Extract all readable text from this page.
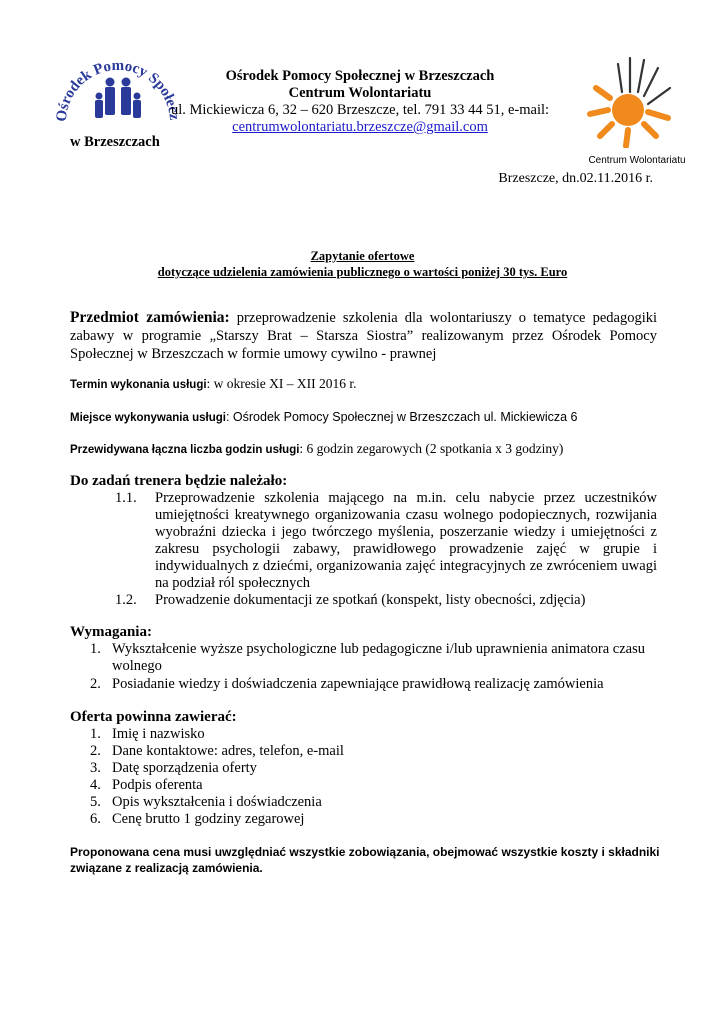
Ośrodek Pomocy Społe
w Brzeszczach
Ośrodek Pomocy Społecznej w Brzeszczach
Centrum Wolontariatu
ul. Mickiewicza 6, 32 – 620 Brzeszcze, tel. 791 33 44 51, e-mail:
centrumwolontariatu.brzeszcze@gmail.com
Centrum Wolontariatu
Brzeszcze, dn.02.11.2016 r.
Zapytanie ofertowe
dotyczące udzielenia zamówienia publicznego o wartości poniżej 30 tys. Euro
Przedmiot zamówienia: przeprowadzenie szkolenia dla wolontariuszy o tematyce pedagogiki zabawy w programie „Starszy Brat – Starsza Siostra” realizowanym przez Ośrodek Pomocy Społecznej w Brzeszczach w formie umowy cywilno - prawnej
Termin wykonania usługi: w okresie XI – XII 2016 r.
Miejsce wykonywania usługi: Ośrodek Pomocy Społecznej w Brzeszczach ul. Mickiewicza 6
Przewidywana łączna liczba godzin usługi: 6 godzin zegarowych (2 spotkania x 3 godziny)
Do zadań trenera będzie należało:
1.1. Przeprowadzenie szkolenia mającego na m.in. celu nabycie przez uczestników umiejętności kreatywnego organizowania czasu wolnego podopiecznych, rozwijania wyobraźni dziecka i jego twórczego myślenia, poszerzanie wiedzy i umiejętności z zakresu psychologii zabawy, prawidłowego prowadzenie zajęć w grupie i indywidualnych z dziećmi, organizowania zajęć integracyjnych ze zwróceniem uwagi na podział ról społecznych
1.2. Prowadzenie dokumentacji ze spotkań (konspekt, listy obecności, zdjęcia)
Wymagania:
1. Wykształcenie wyższe psychologiczne lub pedagogiczne i/lub uprawnienia animatora czasu wolnego
2. Posiadanie wiedzy i doświadczenia zapewniające prawidłową realizację zamówienia
Oferta powinna zawierać:
1. Imię i nazwisko
2. Dane kontaktowe: adres, telefon, e-mail
3. Datę sporządzenia oferty
4. Podpis oferenta
5. Opis wykształcenia i doświadczenia
6. Cenę brutto 1 godziny zegarowej
Proponowana cena musi uwzględniać wszystkie zobowiązania, obejmować wszystkie koszty i składniki związane z realizacją zamówienia.
